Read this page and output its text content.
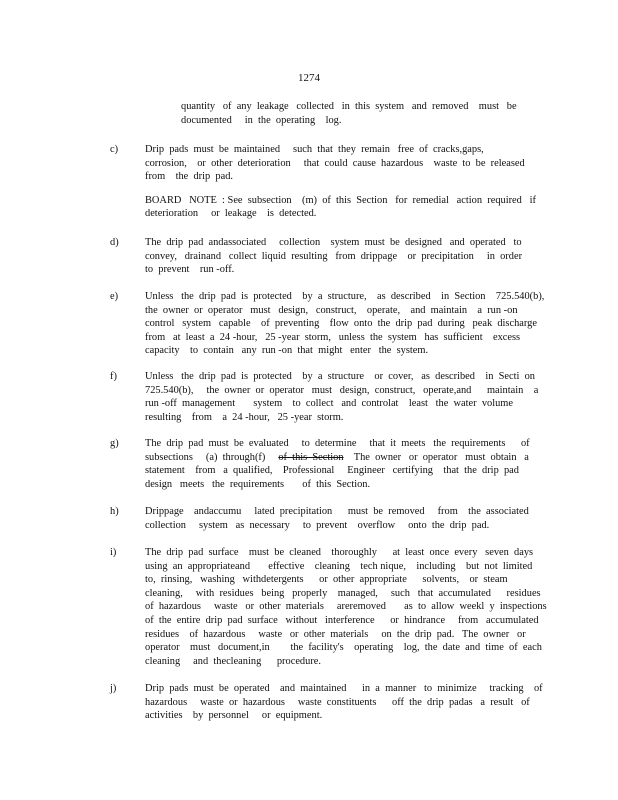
1274
quantity   of  any  leakage   collected   in  this  system   and  removed    must   be
documented     in  the  operating    log.
c)	Drip  pads  must  be  maintained     such  that  they  remain   free  of  cracks,gaps,
corrosion,    or  other  deterioration     that  could  cause  hazardous    waste  to  be  released
from    the  drip  pad.
BOARD   NOTE  : See  subsection    (m)  of  this  Section   for  remedial   action  required   if
deterioration     or  leakage    is  detected.
d)	The  drip  pad  andassociated     collection    system  must  be  designed   and  operated   to
convey,   drainand   collect  liquid  resulting   from  drippage    or  precipitation     in  order
to  prevent    run -off.
e)	Unless   the  drip  pad  is  protected    by  a  structure,    as  described    in  Section    725.540(b),
the  owner  or  operator   must   design,   construct,    operate,    and  maintain    a  run -on
control   system   capable    of  preventing    flow  onto  the  drip  pad  during   peak  discharge
from   at  least  a  24 -hour,   25 -year  storm,   unless  the  system   has  sufficient    excess
capacity    to  contain   any  run -on  that  might   enter   the  system.
f)	Unless   the  drip  pad  is  protected    by  a  structure    or  cover,   as  described    in  Secti  on
725.540(b),     the  owner  or  operator   must   design,  construct,   operate,and      maintain    a
run -off  management       system    to  collect   and  controlat    least   the  water  volume
resulting    from    a  24 -hour,   25 -year  storm.
g)	The  drip  pad  must  be  evaluated     to  determine     that  it  meets   the  requirements      of
subsections     (a)  through(f)     of  this  Section    The  owner   or  operator   must  obtain   a
statement    from   a  qualified,    Professional     Engineer   certifying    that  the  drip  pad
design   meets   the  requirements       of  this  Section.
h)	Drippage    andaccumu     lated  precipitation      must  be  removed     from    the  associated
collection     system   as  necessary     to  prevent    overflow     onto  the  drip  pad.
i)	The  drip  pad  surface    must  be  cleaned    thoroughly      at  least  once  every   seven  days
using  an  appropriateand       effective    cleaning    tech nique,    including    but  not  limited
to,  rinsing,   washing   withdetergents      or  other  appropriate      solvents,    or  steam
cleaning,     with  residues   being   properly    managed,     such   that  accumulated      residues
of  hazardous     waste   or  other  materials     areremoved       as  to  allow  weekl  y  inspections
of  the  entire  drip  pad  surface   without   interference      or  hindrance     from   accumulated
residues    of  hazardous     waste   or  other  materials     on  the  drip  pad.   The  owner   or
operator    must   document,in        the  facility's    operating    log,  the  date  and  time  of  each
cleaning     and  thecleaning      procedure.
j)	Drip  pads  must  be  operated    and  maintained      in  a  manner   to  minimize     tracking    of
hazardous     waste  or  hazardous     waste  constituents      off  the  drip  padas   a  result   of
activities    by  personnel     or  equipment.
